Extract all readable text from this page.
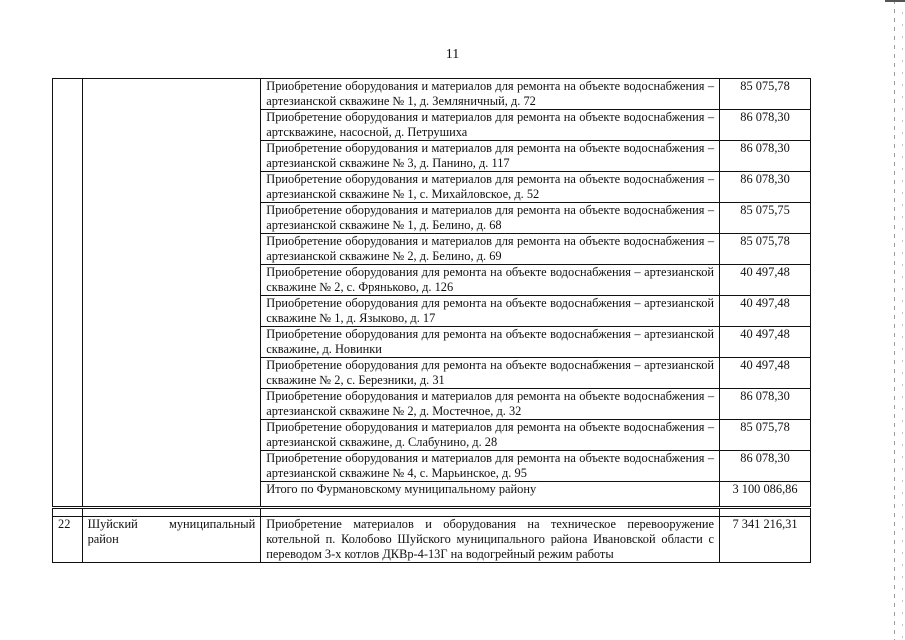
11
		Приобретение оборудования и материалов для ремонта на объекте водоснабжения – артезианской скважине № 1, д. Земляничный, д. 72	85 075,78
		Приобретение оборудования и материалов для ремонта на объекте водоснабжения – артскважине, насосной, д. Петрушиха	86 078,30
		Приобретение оборудования и материалов для ремонта на объекте водоснабжения – артезианской скважине № 3, д. Панино, д. 117	86 078,30
		Приобретение оборудования и материалов для ремонта на объекте водоснабжения – артезианской скважине № 1, с. Михайловское, д. 52	86 078,30
		Приобретение оборудования и материалов для ремонта на объекте водоснабжения – артезианской скважине № 1, д. Белино, д. 68	85 075,75
		Приобретение оборудования и материалов для ремонта на объекте водоснабжения – артезианской скважине № 2, д. Белино, д. 69	85 075,78
		Приобретение оборудования для ремонта на объекте водоснабжения – артезианской скважине № 2, с. Фряньково, д. 126	40 497,48
		Приобретение оборудования для ремонта на объекте водоснабжения – артезианской скважине № 1, д. Языково, д. 17	40 497,48
		Приобретение оборудования для ремонта на объекте водоснабжения – артезианской скважине, д. Новинки	40 497,48
		Приобретение оборудования для ремонта на объекте водоснабжения – артезианской скважине № 2, с. Березники, д. 31	40 497,48
		Приобретение оборудования и материалов для ремонта на объекте водоснабжения – артезианской скважине № 2, д. Мостечное, д. 32	86 078,30
		Приобретение оборудования и материалов для ремонта на объекте водоснабжения – артезианской скважине, д. Слабунино, д. 28	85 075,78
		Приобретение оборудования и материалов для ремонта на объекте водоснабжения – артезианской скважине № 4, с. Марьинское, д. 95	86 078,30
		Итого по Фурмановскому муниципальному району	3 100 086,86

22	Шуйский муниципальный район	Приобретение материалов и оборудования на техническое перевооружение котельной п. Колобово Шуйского муниципального района Ивановской области с переводом 3-х котлов ДКВр-4-13Г на водогрейный режим работы	7 341 216,31
